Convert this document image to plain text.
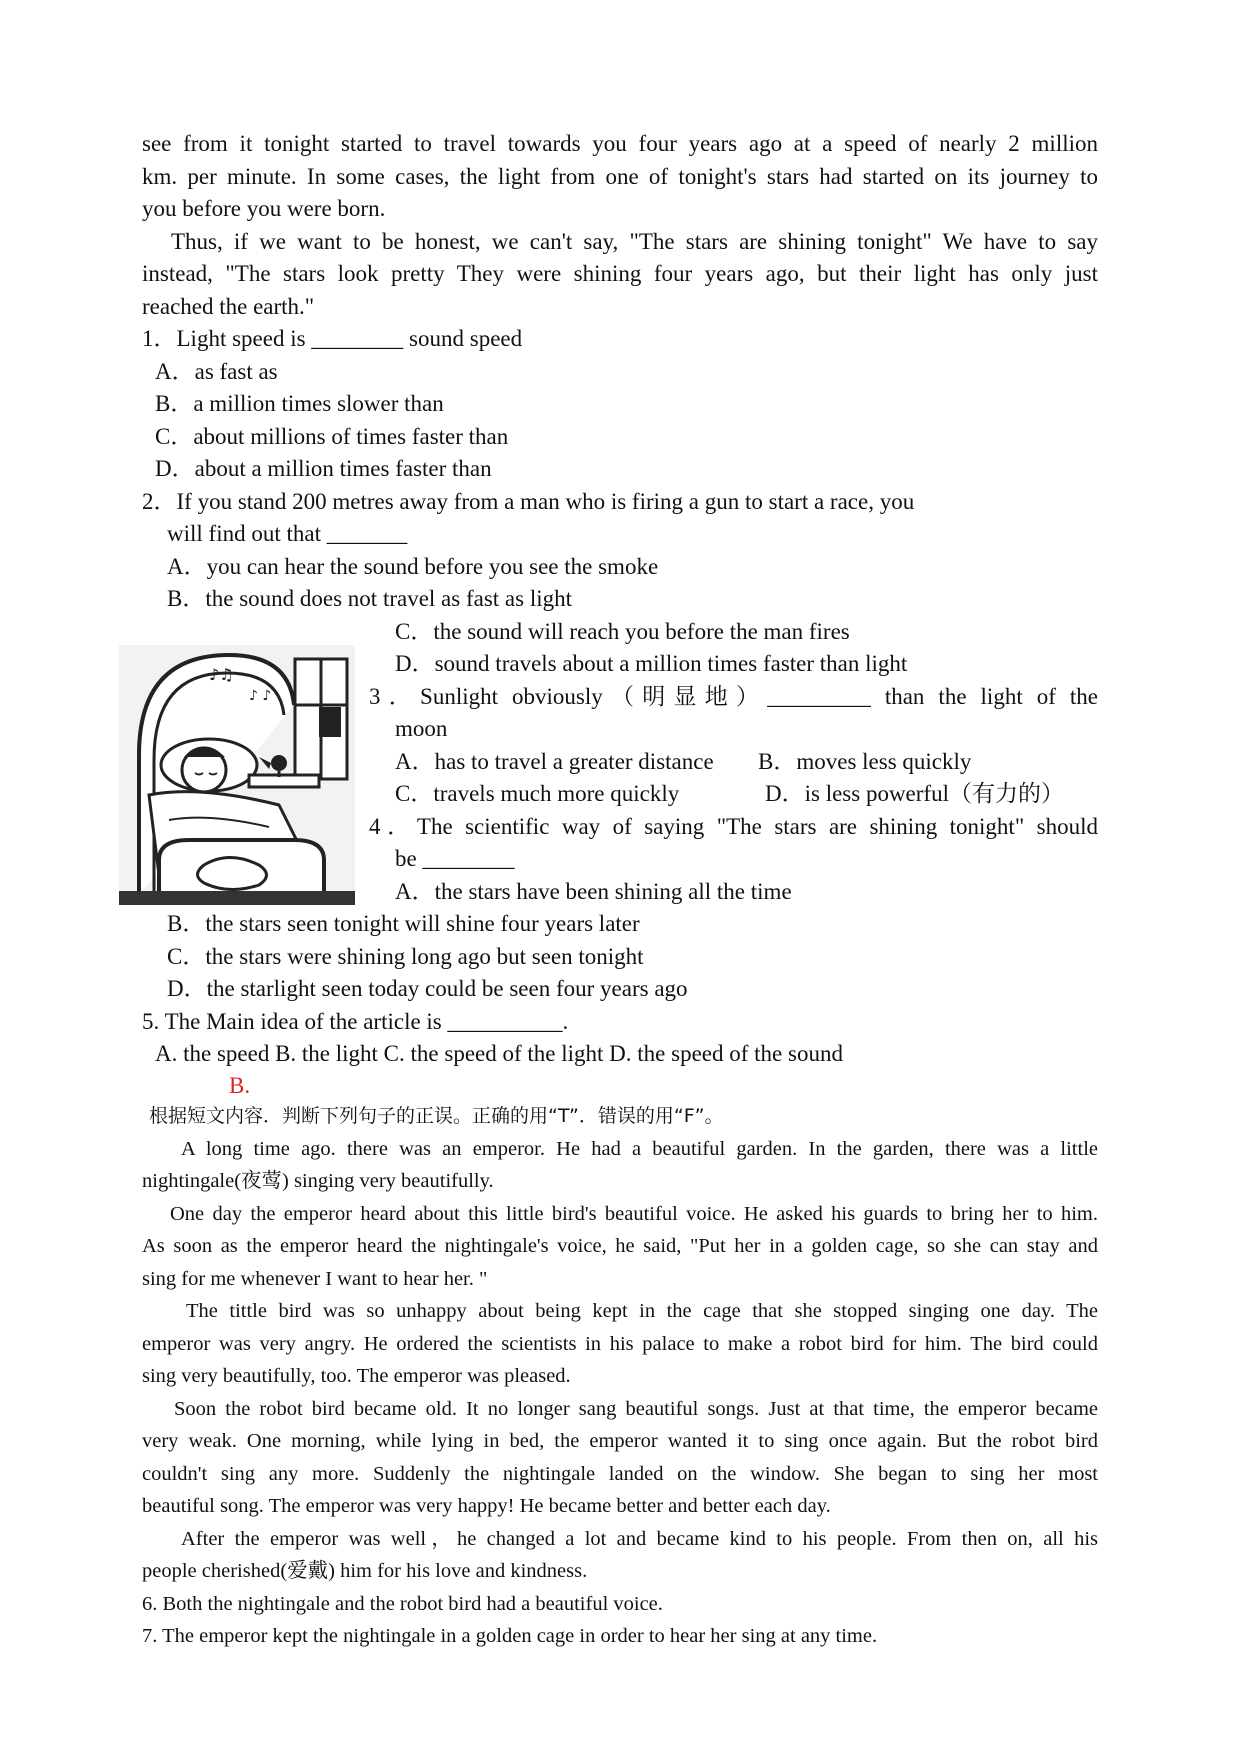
see from it tonight started to travel towards you four years ago at a speed of nearly 2 million
km. per minute. In some cases, the light from one of tonight's stars had started on its journey to
you before you were born.
Thus, if we want to be honest, we can't say, "The stars are shining tonight" We have to say
instead, "The stars look pretty They were shining four years ago, but their light has only just
reached the earth."
1．Light speed is ________ sound speed
A．as fast as
B．a million times slower than
C．about millions of times faster than
D．about a million times faster than
2．If you stand 200 metres away from a man who is firing a gun to start a race, you
will find out that _______
A．you can hear the sound before you see the smoke
B．the sound does not travel as fast as light
C．the sound will reach you before the man fires
D．sound travels about a million times faster than light
♪♫
♪ ♪	3．Sunlight obviously（明显地）_________ than the light of the
moon
A．has to travel a greater distance B．moves less quickly
C．travels much more quickly	D．is less powerful（有力的）
4．The scientific way of saying "The stars are shining tonight" should
be ________
A．the stars have been shining all the time
B．the stars seen tonight will shine four years later
C．the stars were shining long ago but seen tonight
D．the starlight seen today could be seen four years ago
5. The Main idea of the article is __________.
A. the speed B. the light C. the speed of the light D. the speed of the sound
B.
根据短文内容．判断下列句子的正误。正确的用“T”．错误的用“F”。
A long time ago. there was an emperor. He had a beautiful garden. In the garden, there was a little
nightingale(夜莺) singing very beautifully.
One day the emperor heard about this little bird's beautiful voice. He asked his guards to bring her to him.
As soon as the emperor heard the nightingale's voice, he said, "Put her in a golden cage, so she can stay and
sing for me whenever I want to hear her. "
The tittle bird was so unhappy about being kept in the cage that she stopped singing one day. The
emperor was very angry. He ordered the scientists in his palace to make a robot bird for him. The bird could
sing very beautifully, too. The emperor was pleased.
Soon the robot bird became old. It no longer sang beautiful songs. Just at that time, the emperor became
very weak. One morning, while lying in bed, the emperor wanted it to sing once again. But the robot bird
couldn't sing any more. Suddenly the nightingale landed on the window. She began to sing her most
beautiful song. The emperor was very happy! He became better and better each day.
After the emperor was well，he changed a lot and became kind to his people. From then on, all his
people cherished(爱戴) him for his love and kindness.
6. Both the nightingale and the robot bird had a beautiful voice.
7. The emperor kept the nightingale in a golden cage in order to hear her sing at any time.
